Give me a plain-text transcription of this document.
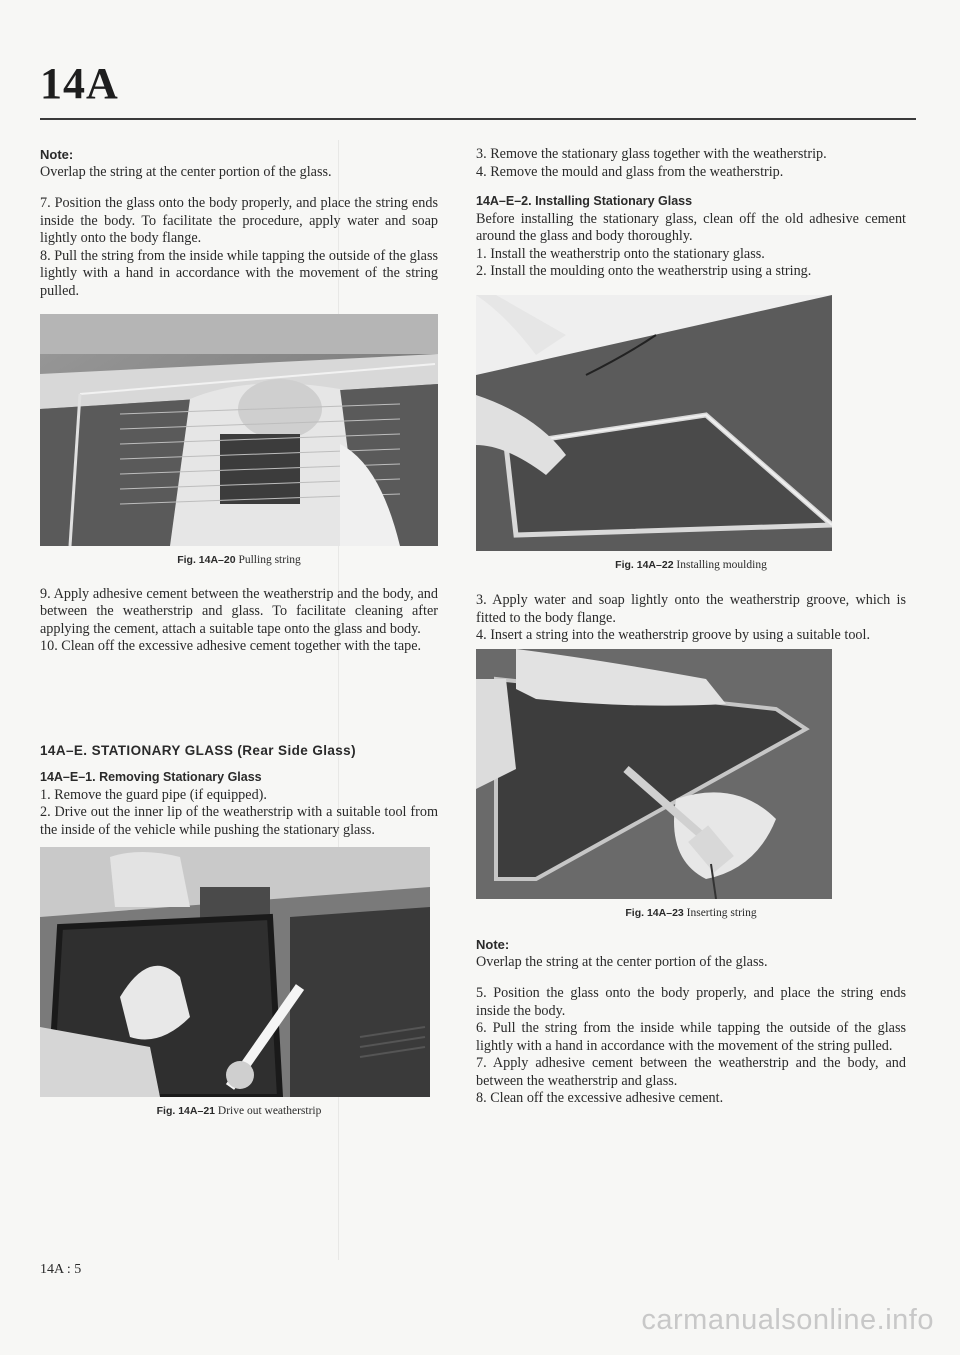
14A
Note:

Overlap the string at the center portion of the glass.

7. Position the glass onto the body properly, and place the string ends inside the body. To facilitate the procedure, apply water and soap lightly onto the body flange.

8. Pull the string from the inside while tapping the outside of the glass lightly with a hand in accordance with the movement of the string pulled.

Fig. 14A–20 Pulling string

9. Apply adhesive cement between the weatherstrip and the body, and between the weatherstrip and glass. To facilitate cleaning after applying the cement, attach a suitable tape onto the glass and body.

10. Clean off the excessive adhesive cement together with the tape.

14A–E. STATIONARY GLASS (Rear Side Glass)
14A–E–1. Removing Stationary Glass

1. Remove the guard pipe (if equipped).

2. Drive out the inner lip of the weatherstrip with a suitable tool from the inside of the vehicle while pushing the stationary glass.

Fig. 14A–21 Drive out weatherstrip

3. Remove the stationary glass together with the weatherstrip.

4. Remove the mould and glass from the weatherstrip.

14A–E–2. Installing Stationary Glass

Before installing the stationary glass, clean off the old adhesive cement around the glass and body thoroughly.

1. Install the weatherstrip onto the stationary glass.

2. Install the moulding onto the weatherstrip using a string.

Fig. 14A–22 Installing moulding

3. Apply water and soap lightly onto the weatherstrip groove, which is fitted to the body flange.

4. Insert a string into the weatherstrip groove by using a suitable tool.

Fig. 14A–23 Inserting string
Note:

Overlap the string at the center portion of the glass.

5. Position the glass onto the body properly, and place the string ends inside the body.

6. Pull the string from the inside while tapping the outside of the glass lightly with a hand in accordance with the movement of the string pulled.

7. Apply adhesive cement between the weatherstrip and the body, and between the weatherstrip and glass.

8. Clean off the excessive adhesive cement.

14A : 5
carmanualsonline.info
